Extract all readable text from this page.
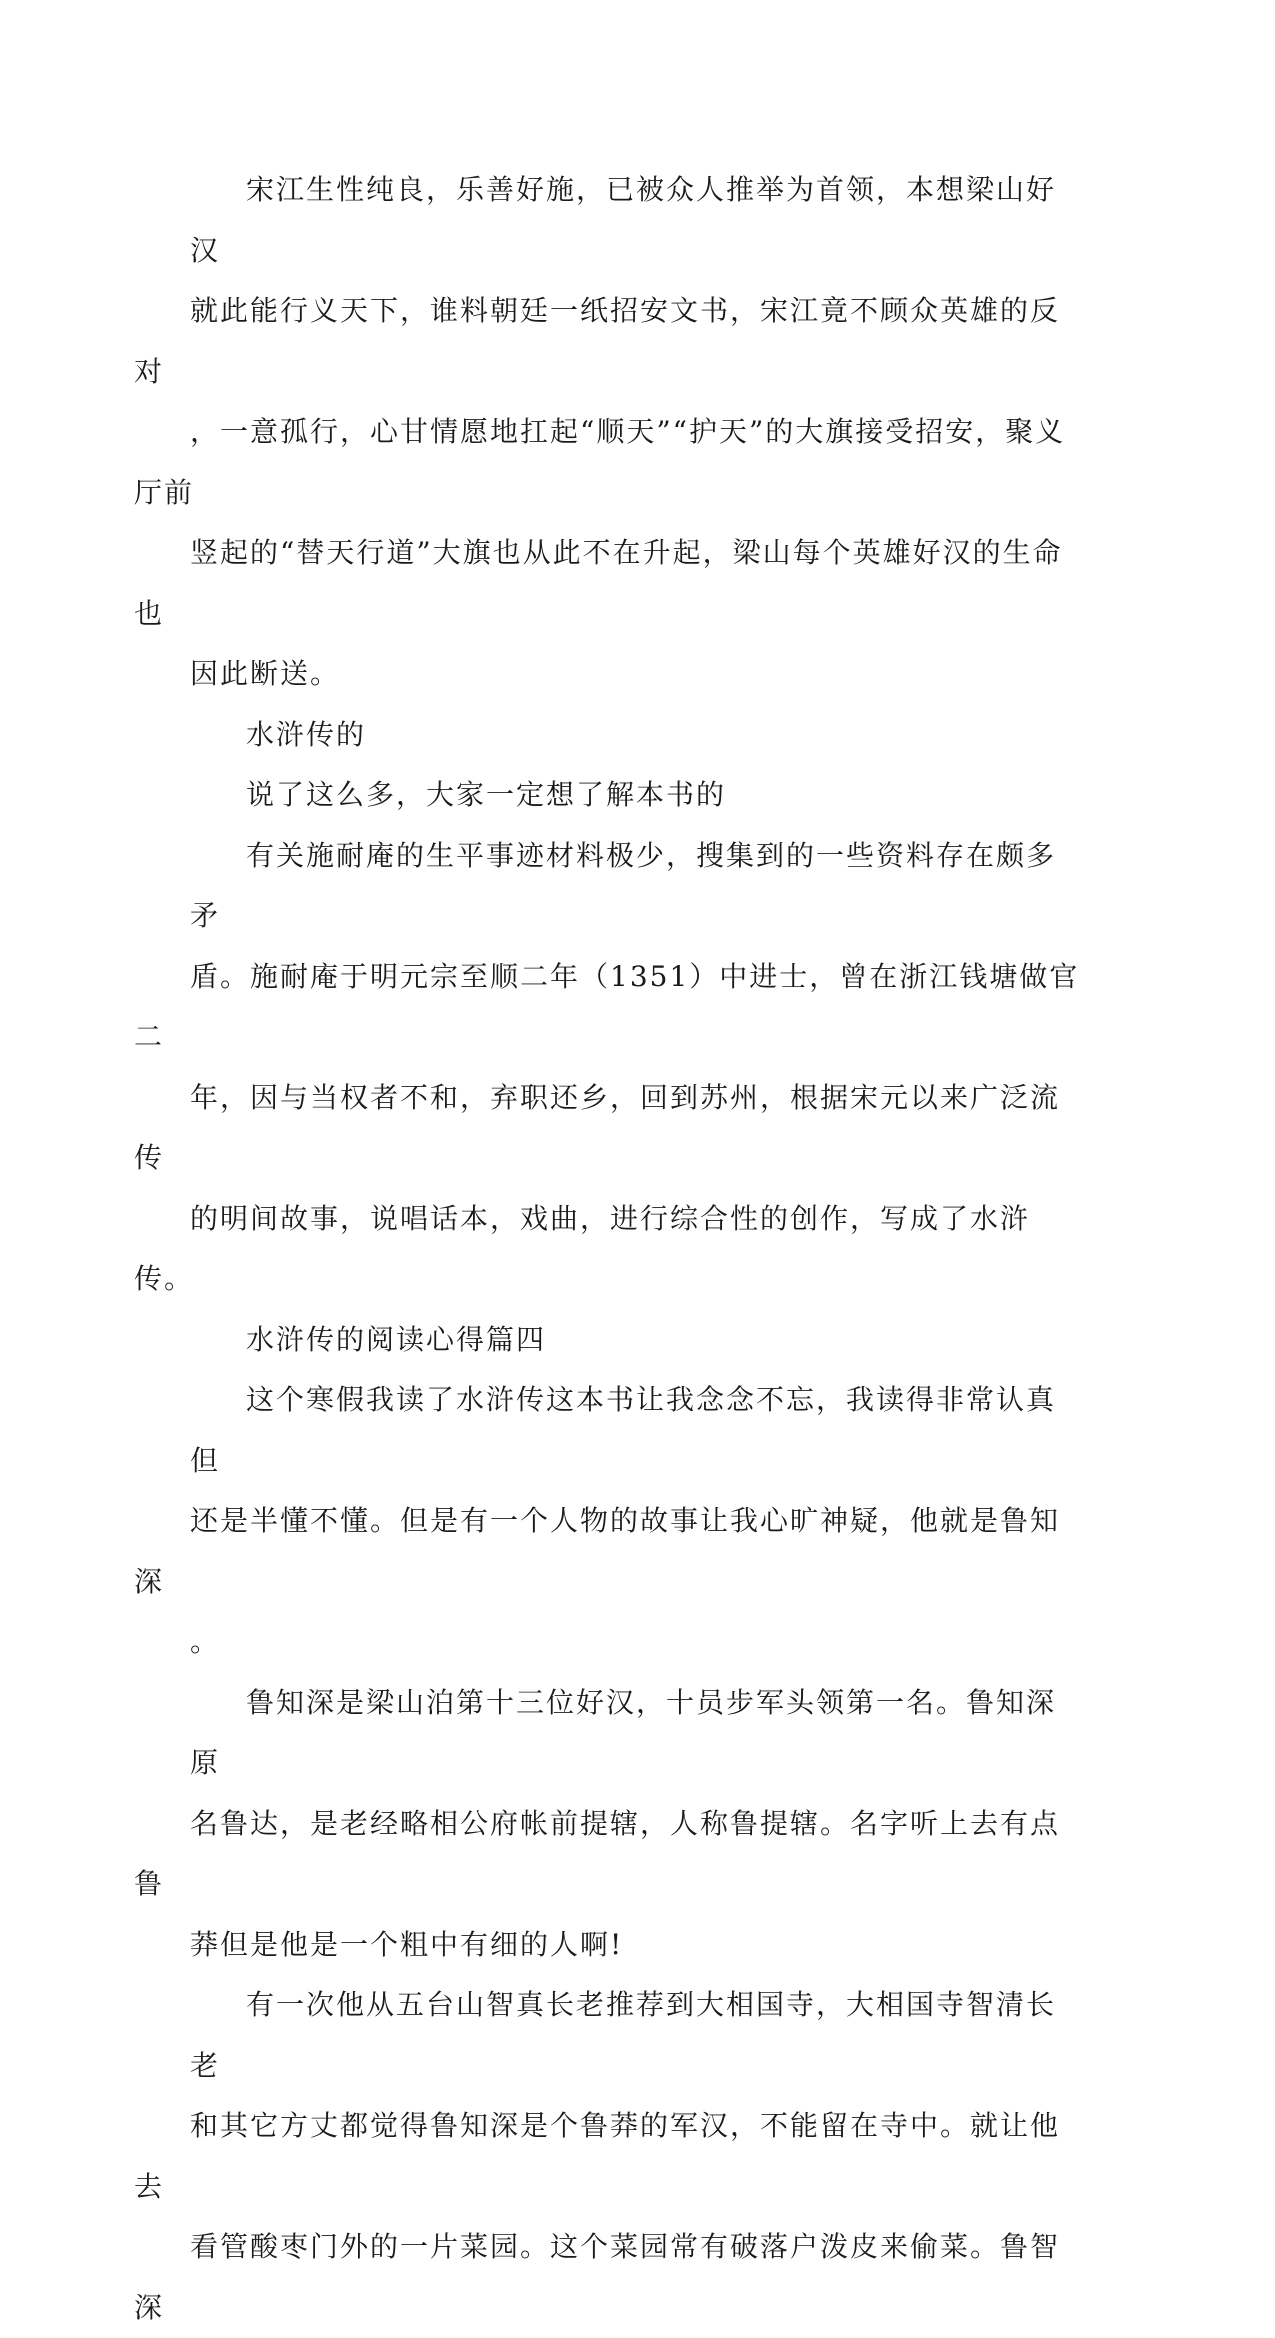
宋江生性纯良，乐善好施，已被众人推举为首领，本想梁山好汉
就此能行义天下，谁料朝廷一纸招安文书，宋江竟不顾众英雄的反对
，一意孤行，心甘情愿地扛起“顺天”“护天”的大旗接受招安，聚义厅前
竖起的“替天行道”大旗也从此不在升起，梁山每个英雄好汉的生命也
因此断送。

水浒传的

说了这么多，大家一定想了解本书的

有关施耐庵的生平事迹材料极少，搜集到的一些资料存在颇多矛
盾。施耐庵于明元宗至顺二年（1351）中进士，曾在浙江钱塘做官二
年，因与当权者不和，弃职还乡，回到苏州，根据宋元以来广泛流传
的明间故事，说唱话本，戏曲，进行综合性的创作，写成了水浒传。

水浒传的阅读心得篇四

这个寒假我读了水浒传这本书让我念念不忘，我读得非常认真但
还是半懂不懂。但是有一个人物的故事让我心旷神疑，他就是鲁知深
。

鲁知深是梁山泊第十三位好汉，十员步军头领第一名。鲁知深原
名鲁达，是老经略相公府帐前提辖，人称鲁提辖。名字听上去有点鲁
莽但是他是一个粗中有细的人啊!

有一次他从五台山智真长老推荐到大相国寺，大相国寺智清长老
和其它方丈都觉得鲁知深是个鲁莽的军汉，不能留在寺中。就让他去
看管酸枣门外的一片菜园。这个菜园常有破落户泼皮来偷菜。鲁智深
